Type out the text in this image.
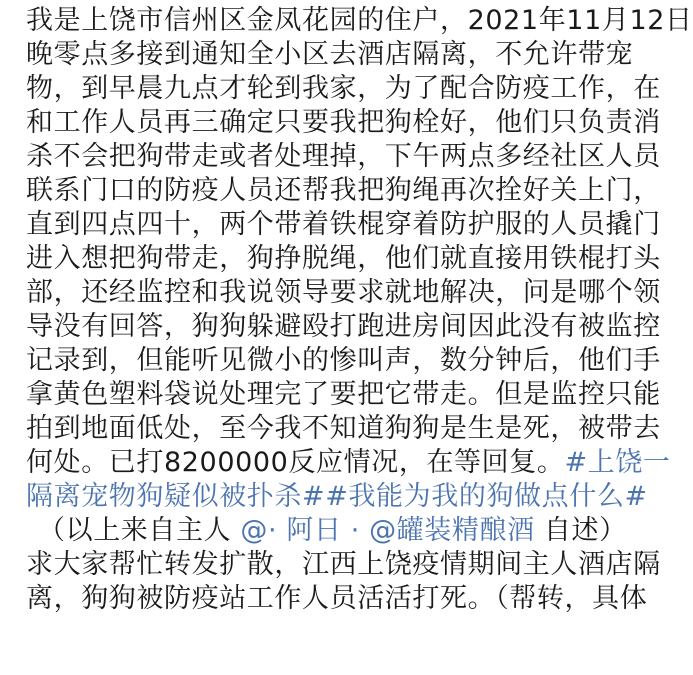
我是上饶市信州区金凤花园的住户，2021年11月12日
晚零点多接到通知全小区去酒店隔离，不允许带宠
物，到早晨九点才轮到我家，为了配合防疫工作，在
和工作人员再三确定只要我把狗栓好，他们只负责消
杀不会把狗带走或者处理掉，下午两点多经社区人员
联系门口的防疫人员还帮我把狗绳再次拴好关上门，
直到四点四十，两个带着铁棍穿着防护服的人员撬门
进入想把狗带走，狗挣脱绳，他们就直接用铁棍打头
部，还经监控和我说领导要求就地解决，问是哪个领
导没有回答，狗狗躲避殴打跑进房间因此没有被监控
记录到，但能听见微小的惨叫声，数分钟后，他们手
拿黄色塑料袋说处理完了要把它带走。但是监控只能
拍到地面低处，至今我不知道狗狗是生是死，被带去
何处。已打8200000反应情况，在等回复。#上饶一
隔离宠物狗疑似被扑杀##我能为我的狗做点什么#
（以上来自主人 @· 阿日 · @罐装精酿酒 自述）
求大家帮忙转发扩散，江西上饶疫情期间主人酒店隔
离，狗狗被防疫站工作人员活活打死。（帮转，具体
